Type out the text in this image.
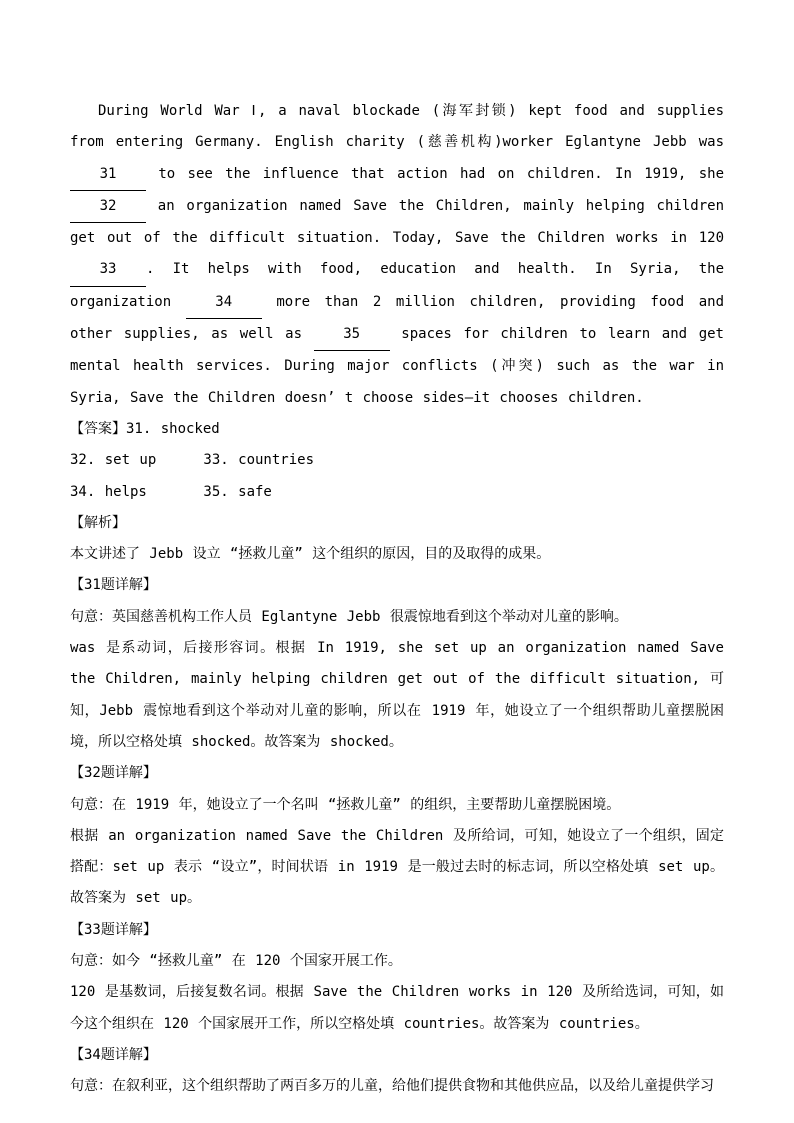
During World War Ⅰ, a naval blockade (海军封锁) kept food and supplies from entering Germany. English charity (慈善机构)worker Eglantyne Jebb was 31 to see the influence that action had on children. In 1919, she 32 an organization named Save the Children, mainly helping children get out of the difficult situation. Today, Save the Children works in 120 33 . It helps with food, education and health. In Syria, the organization 34 more than 2 million children, providing food and other supplies, as well as 35 spaces for children to learn and get mental health services. During major conflicts (冲突) such as the war in Syria, Save the Children doesn’ t choose sides—it chooses children.

【答案】31. shocked

32. set up     33. countries

34. helps      35. safe

【解析】

本文讲述了 Jebb 设立 “拯救儿童” 这个组织的原因，目的及取得的成果。

【31题详解】

句意：英国慈善机构工作人员 Eglantyne Jebb 很震惊地看到这个举动对儿童的影响。

was 是系动词，后接形容词。根据 In 1919, she set up an organization named Save the Children, mainly helping children get out of the difficult situation, 可知，Jebb 震惊地看到这个举动对儿童的影响，所以在 1919 年，她设立了一个组织帮助儿童摆脱困境，所以空格处填 shocked。故答案为 shocked。

【32题详解】

句意：在 1919 年，她设立了一个名叫 “拯救儿童” 的组织，主要帮助儿童摆脱困境。

根据 an organization named Save the Children 及所给词，可知，她设立了一个组织，固定搭配：set up 表示 “设立”，时间状语 in 1919 是一般过去时的标志词，所以空格处填 set up。故答案为 set up。

【33题详解】

句意：如今 “拯救儿童” 在 120 个国家开展工作。

120 是基数词，后接复数名词。根据 Save the Children works in 120 及所给选词，可知，如今这个组织在 120 个国家展开工作，所以空格处填 countries。故答案为 countries。

【34题详解】

句意：在叙利亚，这个组织帮助了两百多万的儿童，给他们提供食物和其他供应品，以及给儿童提供学习
